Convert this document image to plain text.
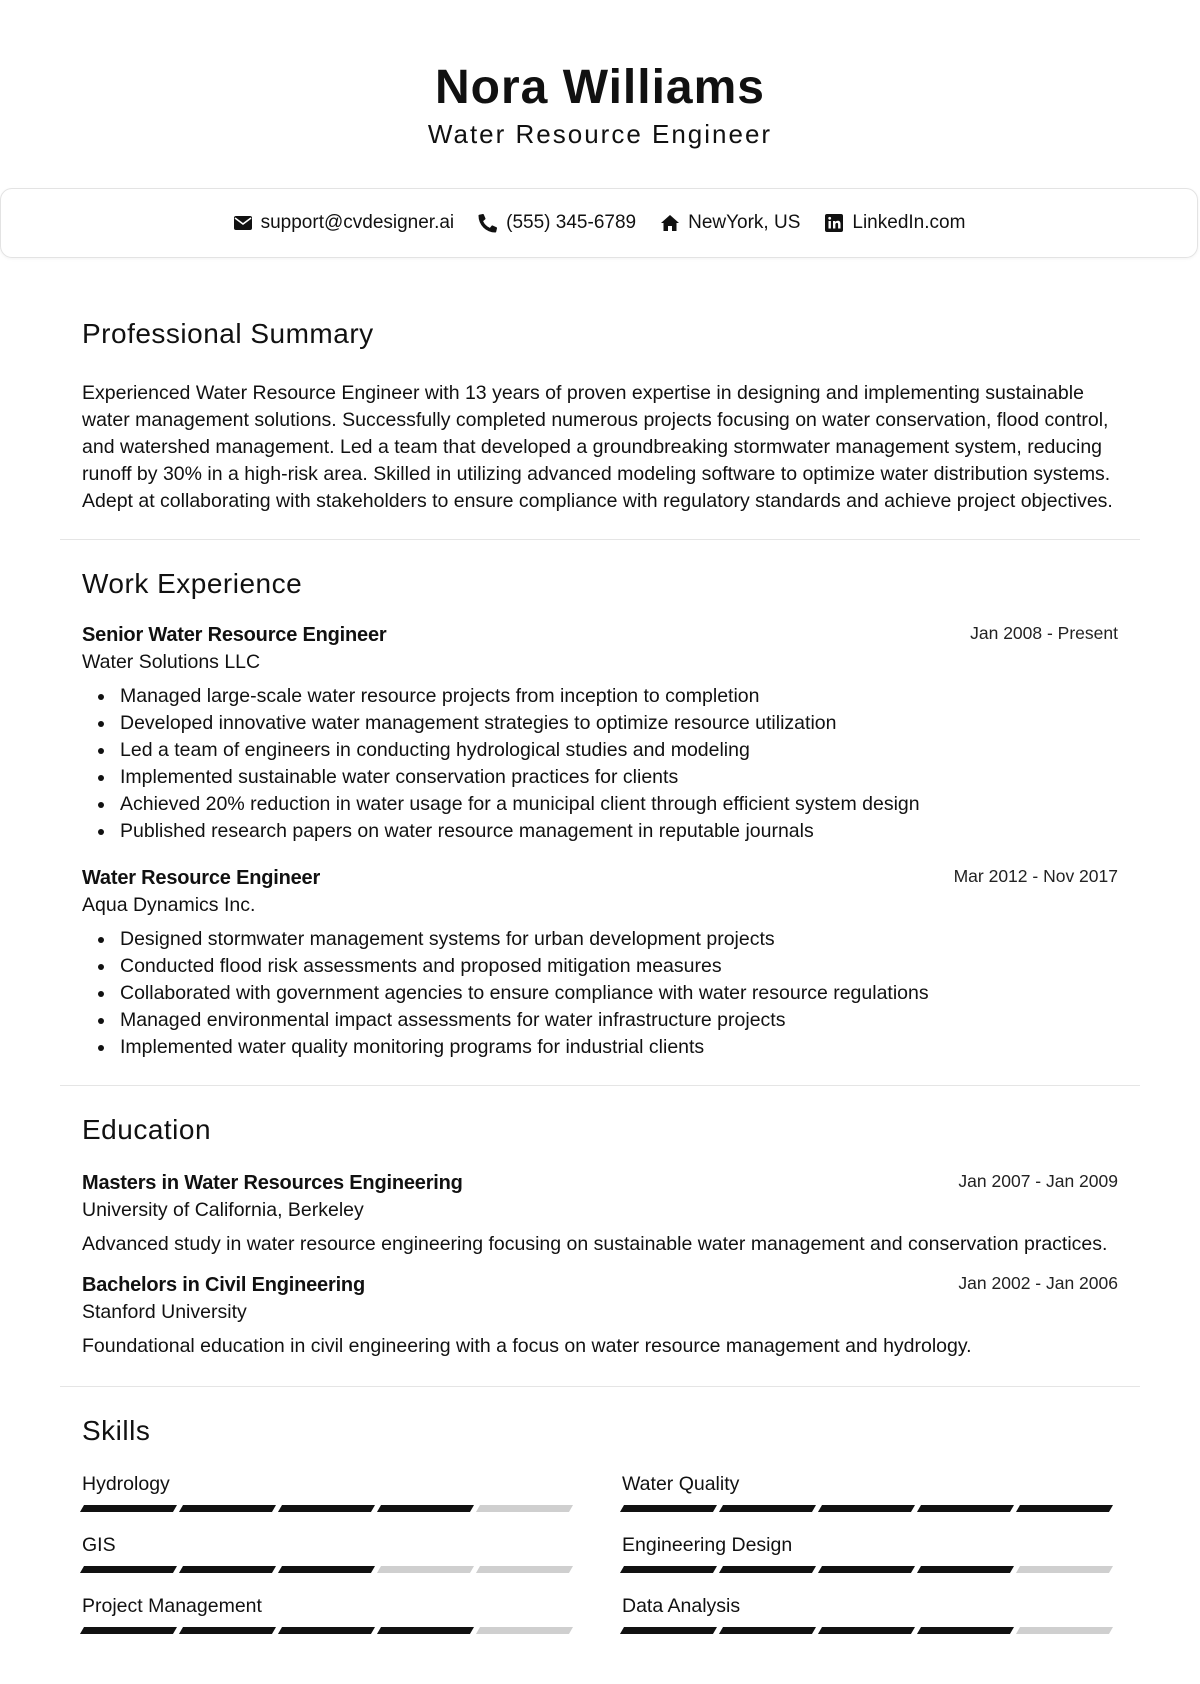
Nora Williams
Water Resource Engineer
support@cvdesigner.ai	(555) 345-6789	NewYork, US	LinkedIn.com
Professional Summary

Experienced Water Resource Engineer with 13 years of proven expertise in designing and implementing sustainable water management solutions. Successfully completed numerous projects focusing on water conservation, flood control, and watershed management. Led a team that developed a groundbreaking stormwater management system, reducing runoff by 30% in a high-risk area. Skilled in utilizing advanced modeling software to optimize water distribution systems. Adept at collaborating with stakeholders to ensure compliance with regulatory standards and achieve project objectives.

Work Experience
Senior Water Resource Engineer	Jan 2008 - Present
Water Solutions LLC
Managed large-scale water resource projects from inception to completion
Developed innovative water management strategies to optimize resource utilization
Led a team of engineers in conducting hydrological studies and modeling
Implemented sustainable water conservation practices for clients
Achieved 20% reduction in water usage for a municipal client through efficient system design
Published research papers on water resource management in reputable journals
Water Resource Engineer	Mar 2012 - Nov 2017
Aqua Dynamics Inc.
Designed stormwater management systems for urban development projects
Conducted flood risk assessments and proposed mitigation measures
Collaborated with government agencies to ensure compliance with water resource regulations
Managed environmental impact assessments for water infrastructure projects
Implemented water quality monitoring programs for industrial clients
Education
Masters in Water Resources Engineering	Jan 2007 - Jan 2009
University of California, Berkeley

Advanced study in water resource engineering focusing on sustainable water management and conservation practices.

Bachelors in Civil Engineering	Jan 2002 - Jan 2006
Stanford University

Foundational education in civil engineering with a focus on water resource management and hydrology.

Skills
Hydrology	Water Quality
GIS	Engineering Design
Project Management	Data Analysis
